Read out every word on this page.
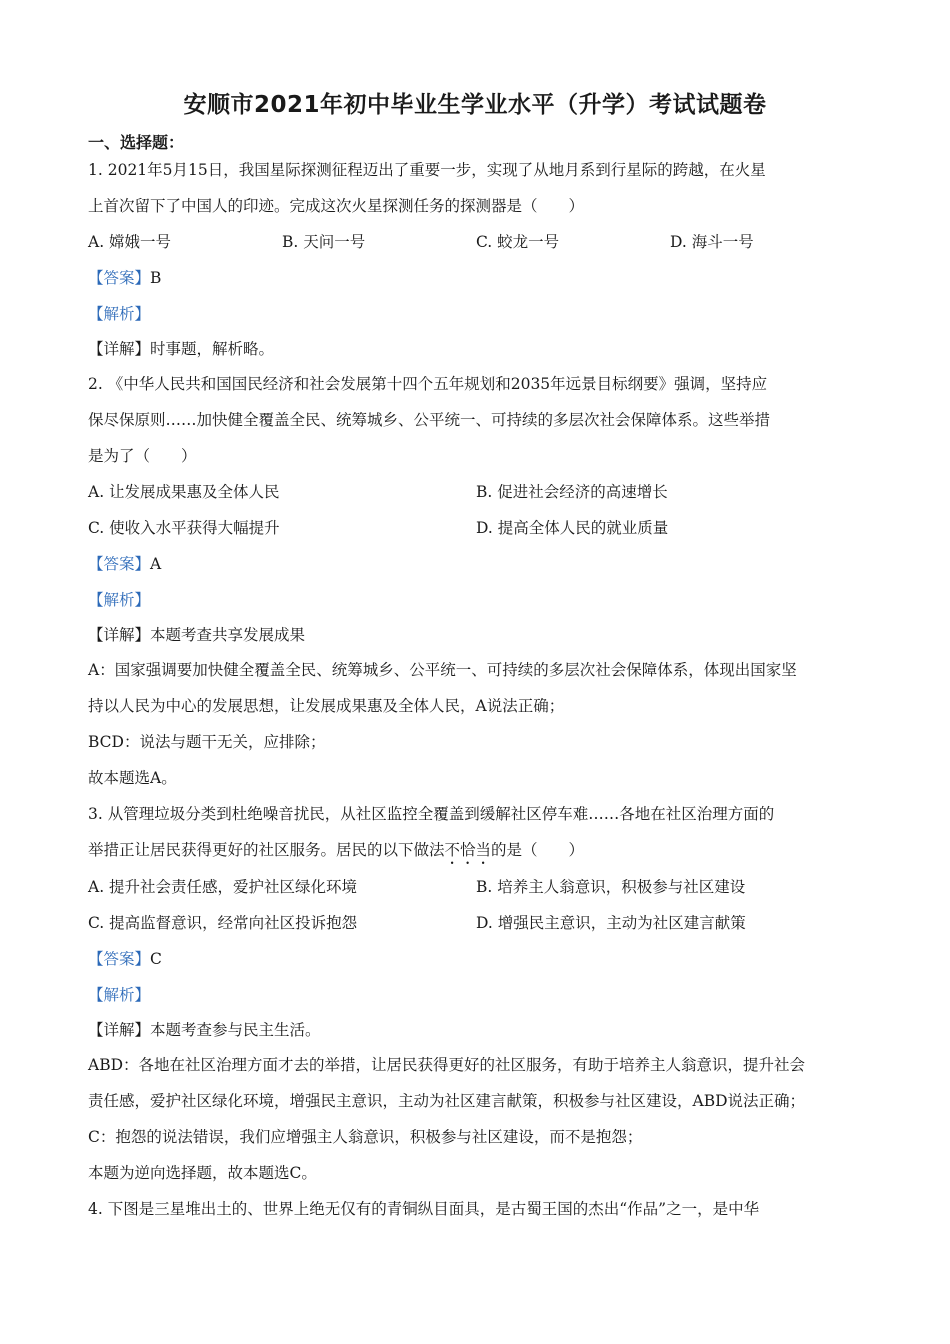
安顺市2021年初中毕业生学业水平（升学）考试试题卷
一、选择题：
1. 2021年5月15日，我国星际探测征程迈出了重要一步，实现了从地月系到行星际的跨越，在火星
上首次留下了中国人的印迹。完成这次火星探测任务的探测器是（　　）
A. 嫦娥一号	B. 天问一号	C. 蛟龙一号	D. 海斗一号
【答案】B
【解析】
【详解】时事题，解析略。
2. 《中华人民共和国国民经济和社会发展第十四个五年规划和2035年远景目标纲要》强调，坚持应
保尽保原则……加快健全覆盖全民、统筹城乡、公平统一、可持续的多层次社会保障体系。这些举措
是为了（　　）
A. 让发展成果惠及全体人民	B. 促进社会经济的高速增长
C. 使收入水平获得大幅提升	D. 提高全体人民的就业质量
【答案】A
【解析】
【详解】本题考查共享发展成果
A：国家强调要加快健全覆盖全民、统筹城乡、公平统一、可持续的多层次社会保障体系，体现出国家坚
持以人民为中心的发展思想，让发展成果惠及全体人民，A说法正确；
BCD：说法与题干无关，应排除；
故本题选A。
3. 从管理垃圾分类到杜绝噪音扰民，从社区监控全覆盖到缓解社区停车难……各地在社区治理方面的
举措正让居民获得更好的社区服务。居民的以下做法不恰当的是（　　）
A. 提升社会责任感，爱护社区绿化环境	B. 培养主人翁意识，积极参与社区建设
C. 提高监督意识，经常向社区投诉抱怨	D. 增强民主意识，主动为社区建言献策
【答案】C
【解析】
【详解】本题考查参与民主生活。
ABD：各地在社区治理方面才去的举措，让居民获得更好的社区服务，有助于培养主人翁意识，提升社会
责任感，爱护社区绿化环境，增强民主意识，主动为社区建言献策，积极参与社区建设，ABD说法正确；
C：抱怨的说法错误，我们应增强主人翁意识，积极参与社区建设，而不是抱怨；
本题为逆向选择题，故本题选C。
4. 下图是三星堆出土的、世界上绝无仅有的青铜纵目面具，是古蜀王国的杰出“作品”之一，是中华
